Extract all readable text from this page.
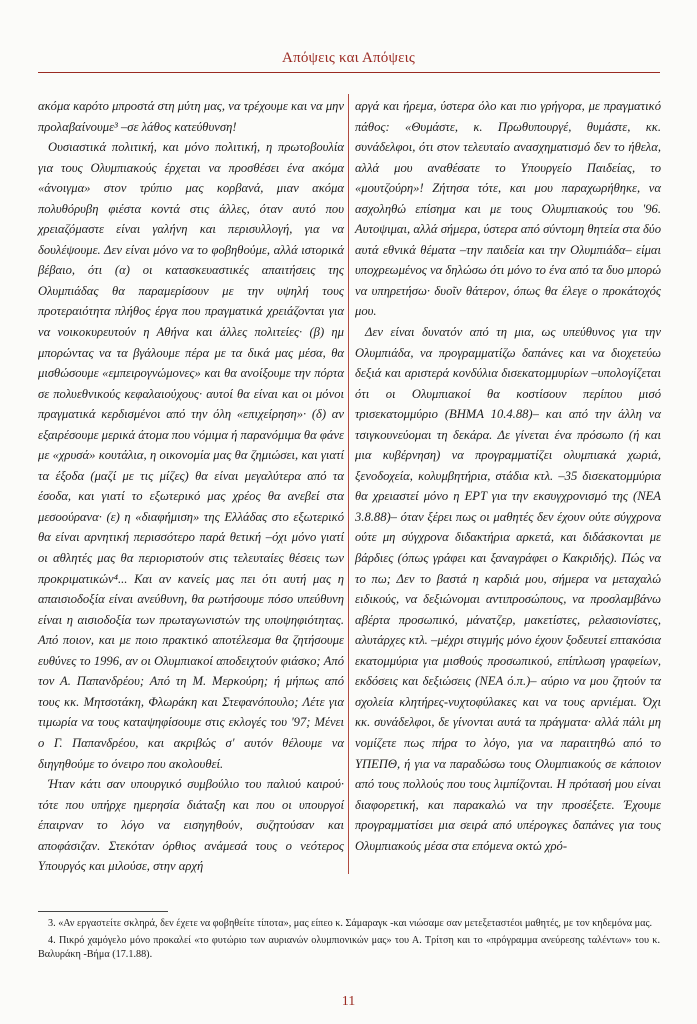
Απόψεις και Απόψεις

ακόμα καρότο μπροστά στη μύτη μας, να τρέχουμε και να μην προλαβαίνουμε³ –σε λάθος κατεύθυνση!

Ουσιαστικά πολιτική, και μόνο πολιτική, η πρωτοβουλία για τους Ολυμπιακούς έρχεται να προσθέσει ένα ακόμα «άνοιγμα» στον τρύπιο μας κορβανά, μιαν ακόμα πολυθόρυβη φιέστα κοντά στις άλλες, όταν αυτό που χρειαζόμαστε είναι γαλήνη και περισυλλογή, για να δουλέψουμε. Δεν είναι μόνο να το φοβηθούμε, αλλά ιστορικά βέβαιο, ότι (α) οι κατασκευαστικές απαιτήσεις της Ολυμπιάδας θα παραμερίσουν με την υψηλή τους προτεραιότητα πλήθος έργα που πραγματικά χρειάζονται για να νοικοκυρευτούν η Αθήνα και άλλες πολιτείες· (β) ημ μπορώντας να τα βγάλουμε πέρα με τα δικά μας μέσα, θα μισθώσουμε «εμπειρογνώμονες» και θα ανοίξουμε την πόρτα σε πολυεθνικούς κεφαλαιούχους· αυτοί θα είναι και οι μόνοι πραγματικά κερδισμένοι από την όλη «επιχείρηση»· (δ) αν εξαιρέσουμε μερικά άτομα που νόμιμα ή παρανόμιμα θα φάνε με «χρυσά» κουτάλια, η οικονομία μας θα ζημιώσει, και γιατί τα έξοδα (μαζί με τις μίζες) θα είναι μεγαλύτερα από τα έσοδα, και γιατί το εξωτερικό μας χρέος θα ανεβεί στα μεσοούρανα· (ε) η «διαφήμιση» της Ελλάδας στο εξωτερικό θα είναι αρνητική περισσότερο παρά θετική –όχι μόνο γιατί οι αθλητές μας θα περιοριστούν στις τελευταίες θέσεις των προκριματικών⁴... Και αν κανείς μας πει ότι αυτή μας η απαισιοδοξία είναι ανεύθυνη, θα ρωτήσουμε πόσο υπεύθυνη είναι η αισιοδοξία των πρωταγωνιστών της υποψηφιότητας. Από ποιον, και με ποιο πρακτικό αποτέλεσμα θα ζητήσουμε ευθύνες το 1996, αν οι Ολυμπιακοί αποδειχτούν φιάσκο; Από τον Α. Παπανδρέου; Από τη Μ. Μερκούρη; ή μήπως από τους κκ. Μητσοτάκη, Φλωράκη και Στεφανόπουλο; Λέτε για τιμωρία να τους καταψηφίσουμε στις εκλογές του '97; Μένει ο Γ. Παπανδρέου, και ακριβώς σ' αυτόν θέλουμε να διηγηθούμε το όνειρο που ακολουθεί.

Ήταν κάτι σαν υπουργικό συμβούλιο του παλιού καιρού· τότε που υπήρχε ημερησία διάταξη και που οι υπουργοί έπαιρναν το λόγο να εισηγηθούν, συζητούσαν και αποφάσιζαν. Στεκόταν όρθιος ανάμεσά τους ο νεότερος Υπουργός και μιλούσε, στην αρχή

αργά και ήρεμα, ύστερα όλο και πιο γρήγορα, με πραγματικό πάθος: «Θυμάστε, κ. Πρωθυπουργέ, θυμάστε, κκ. συνάδελφοι, ότι στον τελευταίο ανασχηματισμό δεν το ήθελα, αλλά μου αναθέσατε το Υπουργείο Παιδείας, το «μουτζούρη»! Ζήτησα τότε, και μου παραχωρήθηκε, να ασχοληθώ επίσημα και με τους Ολυμπιακούς του '96. Αυτοψιμαι, αλλά σήμερα, ύστερα από σύντομη θητεία στα δύο αυτά εθνικά θέματα –την παιδεία και την Ολυμπιάδα– είμαι υποχρεωμένος να δηλώσω ότι μόνο το ένα από τα δυο μπορώ να υπηρετήσω· δυοῖν θάτερον, όπως θα έλεγε ο προκάτοχός μου.

Δεν είναι δυνατόν από τη μια, ως υπεύθυνος για την Ολυμπιάδα, να προγραμματίζω δαπάνες και να διοχετεύω δεξιά και αριστερά κονδύλια δισεκατομμυρίων –υπολογίζεται ότι οι Ολυμπιακοί θα κοστίσουν περίπου μισό τρισεκατομμύριο (ΒΗΜΑ 10.4.88)– και από την άλλη να τσιγκουνεύομαι τη δεκάρα. Δε γίνεται ένα πρόσωπο (ή και μια κυβέρνηση) να προγραμματίζει ολυμπιακά χωριά, ξενοδοχεία, κολυμβητήρια, στάδια κτλ. –35 δισεκατομμύρια θα χρειαστεί μόνο η ΕΡΤ για την εκσυγχρονισμό της (ΝΕΑ 3.8.88)– όταν ξέρει πως οι μαθητές δεν έχουν ούτε σύγχρονα ούτε μη σύγχρονα διδακτήρια αρκετά, και διδάσκονται με βάρδιες (όπως γράφει και ξαναγράφει ο Κακριδής). Πώς να το πω; Δεν το βαστά η καρδιά μου, σήμερα να μεταχαλώ ειδικούς, να δεξιώνομαι αντιπροσώπους, να προσλαμβάνω αβέρτα προσωπικό, μάνατζερ, μακετίστες, ρελασιονίστες, αλυτάρχες κτλ. –μέχρι στιγμής μόνο έχουν ξοδευτεί επτακόσια εκατομμύρια για μισθούς προσωπικού, επίπλωση γραφείων, εκδόσεις και δεξιώσεις (ΝΕΑ ό.π.)– αύριο να μου ζητούν τα σχολεία κλητήρες-νυχτοφύλακες και να τους αρνιέμαι. Όχι κκ. συνάδελφοι, δε γίνονται αυτά τα πράγματα· αλλά πάλι μη νομίζετε πως πήρα το λόγο, για να παραιτηθώ από το ΥΠΕΠΘ, ή για να παραδώσω τους Ολυμπιακούς σε κάποιον από τους πολλούς που τους λιμπίζονται. Η πρότασή μου είναι διαφορετική, και παρακαλώ να την προσέξετε. Έχουμε προγραμματίσει μια σειρά από υπέρογκες δαπάνες για τους Ολυμπιακούς μέσα στα επόμενα οκτώ χρό-

3. «Αν εργαστείτε σκληρά, δεν έχετε να φοβηθείτε τίποτα», μας είπεο κ. Σάμαραγκ -και νιώσαμε σαν μετεξεταστέοι μαθητές, με τον κηδεμόνα μας.

4. Πικρό χαμόγελο μόνο προκαλεί «το φυτώριο των αυριανών ολυμπιονικών μας» του Α. Τρίτση και το «πρόγραμμα ανεύρεσης ταλέντων» του κ. Βαλυράκη -Βήμα (17.1.88).

11
